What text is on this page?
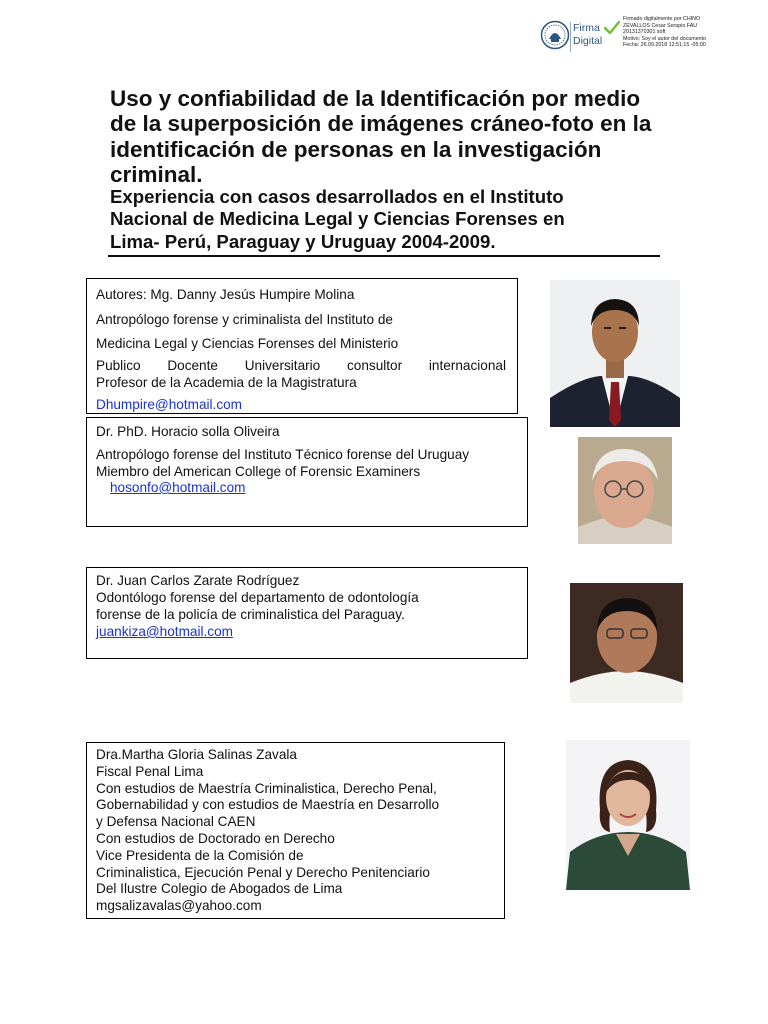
Firma
Digital
Firmado digitalmente por CHINO
ZEVALLOS Cesar Serapio FAU
20131370301 soft
Motivo: Soy el autor del documento
Fecha: 26.09.2018 12:51:15 -05:00
Uso y confiabilidad de la Identificación por medio de la superposición de imágenes cráneo-foto en la identificación de personas en la investigación criminal.
Experiencia con casos desarrollados en el Instituto
Nacional de Medicina Legal y Ciencias Forenses en
Lima- Perú, Paraguay y Uruguay 2004-2009.
Autores: Mg. Danny Jesús Humpire Molina
Antropólogo forense y criminalista del Instituto de
Medicina Legal y Ciencias Forenses del Ministerio
Publico Docente Universitario consultor internacional
Profesor de la Academia de la Magistratura
Dhumpire@hotmail.com
Dr. PhD. Horacio solla Oliveira
Antropólogo forense del Instituto Técnico forense del Uruguay
Miembro del American College of Forensic Examiners
hosonfo@hotmail.com
Dr. Juan Carlos Zarate Rodríguez
Odontólogo forense del departamento de odontología
forense de la policía de criminalistica del Paraguay.
juankiza@hotmail.com
Dra.Martha Gloria Salinas Zavala
Fiscal Penal Lima
Con estudios de Maestría Criminalistica, Derecho Penal,
Gobernabilidad y con estudios de Maestría en Desarrollo
y Defensa Nacional CAEN
Con estudios de Doctorado en Derecho
Vice Presidenta de la Comisión de
Criminalistica, Ejecución Penal y Derecho Penitenciario
Del Ilustre Colegio de Abogados de Lima
mgsalizavalas@yahoo.com
